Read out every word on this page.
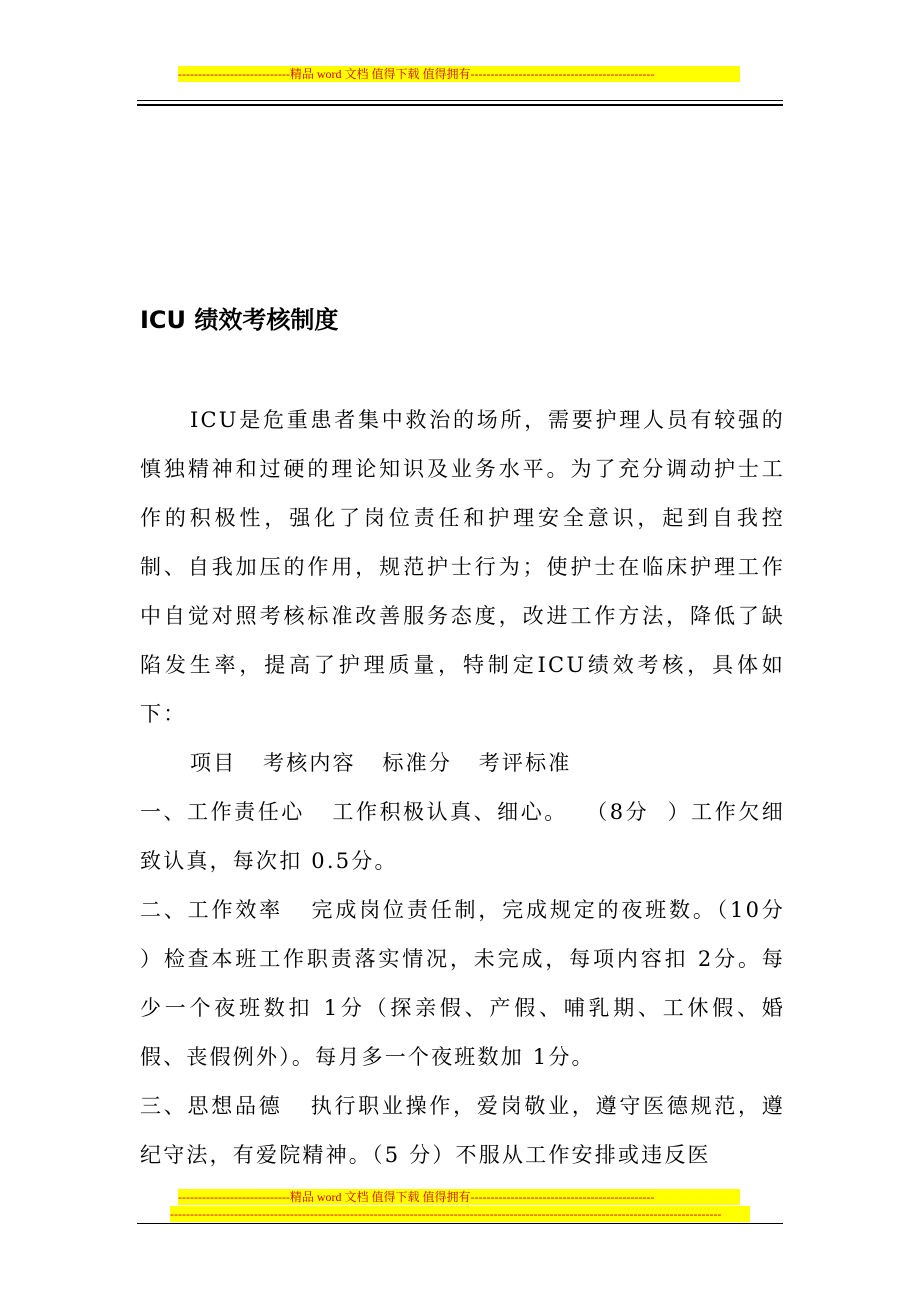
----------------------------精品 word 文档 值得下载 值得拥有----------------------------------------------
ICU 绩效考核制度

ICU是危重患者集中救治的场所，需要护理人员有较强的慎独精神和过硬的理论知识及业务水平。为了充分调动护士工作的积极性，强化了岗位责任和护理安全意识，起到自我控制、自我加压的作用，规范护士行为；使护士在临床护理工作中自觉对照考核标准改善服务态度，改进工作方法，降低了缺陷发生率，提高了护理质量，特制定ICU绩效考核，具体如下：

项目   考核内容   标准分   考评标准

一、工作责任心   工作积极认真、细心。  （8分  ）工作欠细致认真，每次扣 0.5分。

二、工作效率   完成岗位责任制，完成规定的夜班数。（10分  ）检查本班工作职责落实情况，未完成，每项内容扣 2分。每少一个夜班数扣 1分（探亲假、产假、哺乳期、工休假、婚假、丧假例外）。每月多一个夜班数加 1分。

三、思想品德   执行职业操作，爱岗敬业，遵守医德规范，遵纪守法，有爱院精神。（5 分）不服从工作安排或违反医

----------------------------精品 word 文档 值得下载 值得拥有----------------------------------------------
------------------------------------------------------------------------------------------------------------------------------------------
